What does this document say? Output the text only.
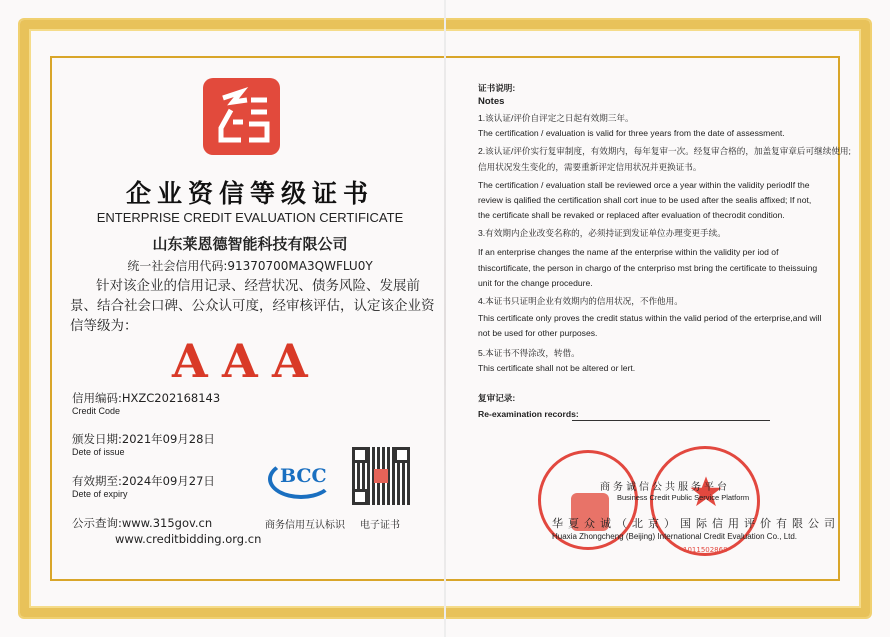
企业资信等级证书
ENTERPRISE CREDIT EVALUATION CERTIFICATE
山东莱恩德智能科技有限公司
统一社会信用代码:91370700MA3QWFLU0Y
针对该企业的信用记录、经营状况、债务风险、发展前景、结合社会口碑、公众认可度，经审核评估，认定该企业资信等级为：
A A A
信用编码:HXZC202168143
Credit Code
颁发日期:2021年09月28日
Dete of issue
有效期至:2024年09月27日
Dete of expiry
公示查询:www.315gov.cn
www.creditbidding.org.cn
BCC
商务信用互认标识 电子证书
证书说明:
Notes
1.该认证/评价自评定之日起有效期三年。
The certification / evaluation is valid for three years from the date of assessment.
2.该认证/评价实行复审制度，有效期内，每年复审一次。经复审合格的，加盖复审章后可继续使用;
信用状况发生变化的，需要重新评定信用状况并更换证书。
The certification / evaluation stall be reviewed orce a year within the validity periodIf the
review is qalified the certification shall cort inue to be used after the sealis affixed; If not,
the certificate shall be revaked or replaced after evaluation of thecrodit condition.
3.有效期内企业改变名称的，必须持证到发证单位办理变更手续。
If an enterprise changes the name af the enterprise within the validity per iod of
thiscortificate, the person in chargo of the cnterpriso mst bring the certificate to theissuing
unit for the change procedure.
4.本证书只证明企业有效期内的信用状况，不作他用。
This certificate only proves the credit status within the valid period of the erterprise,and will
not be used for other purposes.
5.本证书不得涂改，转借。
This certificate shall not be altered or lert.
复审记录:
Re-examination records:
1011502868
商务诚信公共服务平台
Business Credit Public Service Platform
华夏众诚（北京）国际信用评价有限公司
Huaxia Zhongcheng (Beijing) International Credit Evaluation Co., Ltd.
